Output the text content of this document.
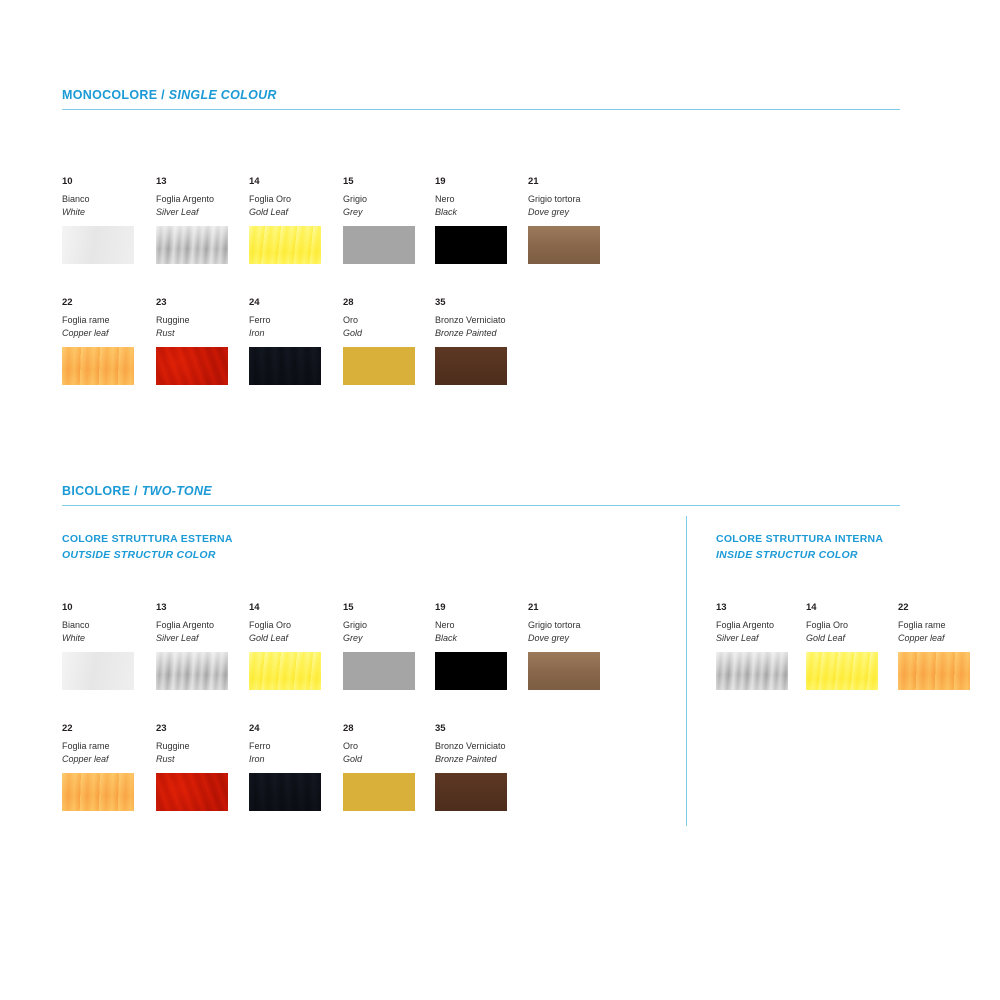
MONOCOLORE / SINGLE COLOUR
10
Bianco
White
13
Foglia Argento
Silver Leaf
14
Foglia Oro
Gold Leaf
15
Grigio
Grey
19
Nero
Black
21
Grigio tortora
Dove grey
22
Foglia rame
Copper leaf
23
Ruggine
Rust
24
Ferro
Iron
28
Oro
Gold
35
Bronzo Verniciato
Bronze Painted
BICOLORE / TWO-TONE
COLORE STRUTTURA ESTERNA
OUTSIDE STRUCTUR COLOR
10
Bianco
White
13
Foglia Argento
Silver Leaf
14
Foglia Oro
Gold Leaf
15
Grigio
Grey
19
Nero
Black
21
Grigio tortora
Dove grey
22
Foglia rame
Copper leaf
23
Ruggine
Rust
24
Ferro
Iron
28
Oro
Gold
35
Bronzo Verniciato
Bronze Painted
COLORE STRUTTURA INTERNA
INSIDE STRUCTUR COLOR
13
Foglia Argento
Silver Leaf
14
Foglia Oro
Gold Leaf
22
Foglia rame
Copper leaf
